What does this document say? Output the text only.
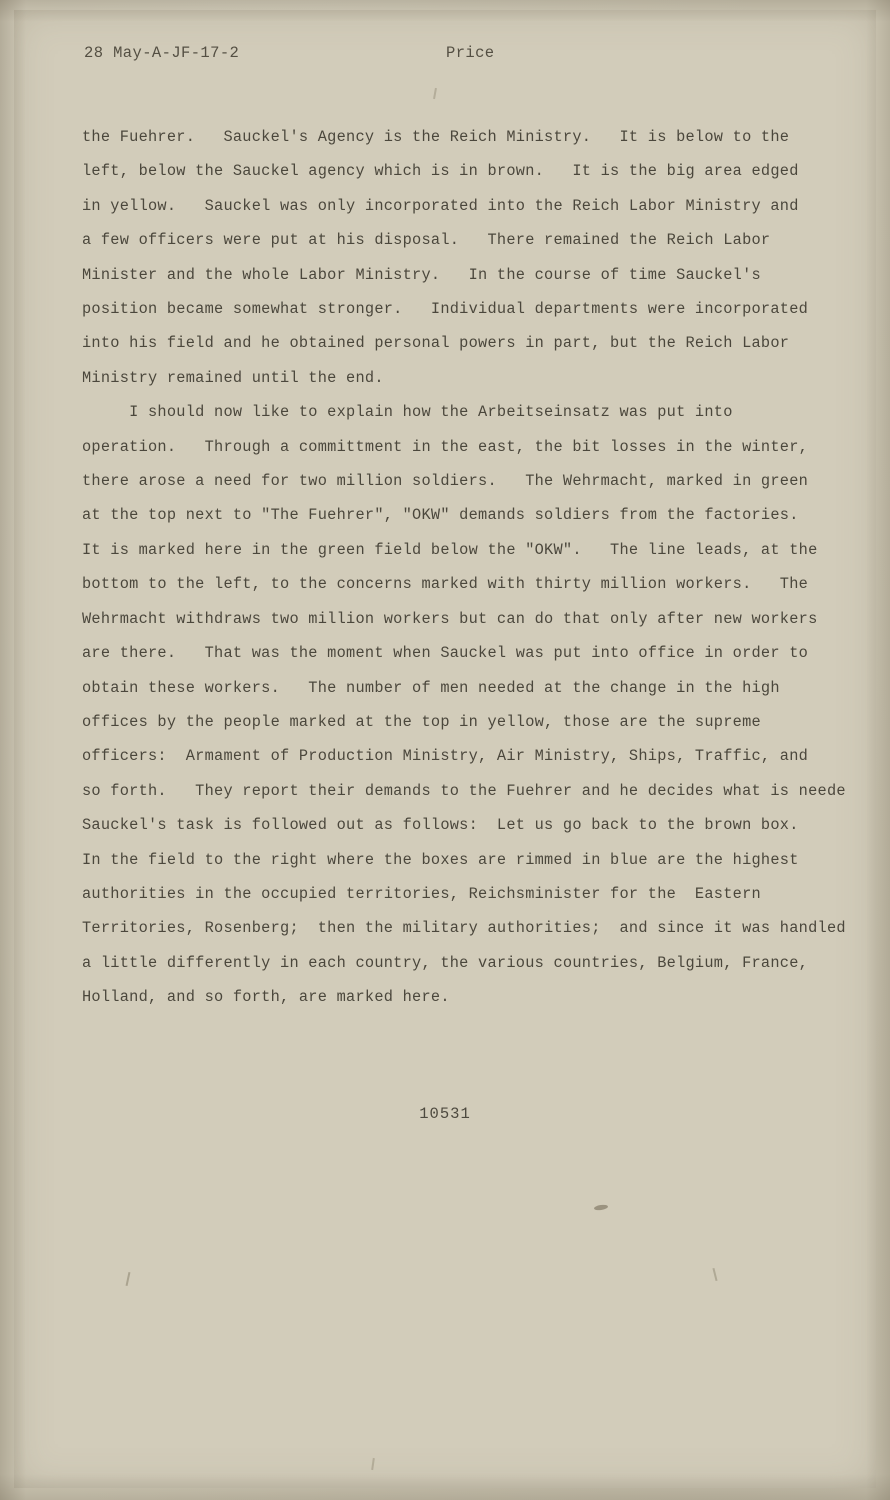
28 May-A-JF-17-2	Price
the Fuehrer.   Sauckel's Agency is the Reich Ministry.   It is below to the
left, below the Sauckel agency which is in brown.   It is the big area edged
in yellow.   Sauckel was only incorporated into the Reich Labor Ministry and
a few officers were put at his disposal.   There remained the Reich Labor
Minister and the whole Labor Ministry.   In the course of time Sauckel's
position became somewhat stronger.   Individual departments were incorporated
into his field and he obtained personal powers in part, but the Reich Labor
Ministry remained until the end.
I should now like to explain how the Arbeitseinsatz was put into
operation.   Through a committment in the east, the bit losses in the winter,
there arose a need for two million soldiers.   The Wehrmacht, marked in green
at the top next to "The Fuehrer", "OKW" demands soldiers from the factories.
It is marked here in the green field below the "OKW".   The line leads, at the
bottom to the left, to the concerns marked with thirty million workers.   The
Wehrmacht withdraws two million workers but can do that only after new workers
are there.   That was the moment when Sauckel was put into office in order to
obtain these workers.   The number of men needed at the change in the high
offices by the people marked at the top in yellow, those are the supreme
officers:  Armament of Production Ministry, Air Ministry, Ships, Traffic, and
so forth.   They report their demands to the Fuehrer and he decides what is neede
Sauckel's task is followed out as follows:  Let us go back to the brown box.
In the field to the right where the boxes are rimmed in blue are the highest
authorities in the occupied territories, Reichsminister for the  Eastern
Territories, Rosenberg;  then the military authorities;  and since it was handled
a little differently in each country, the various countries, Belgium, France,
Holland, and so forth, are marked here.
10531
